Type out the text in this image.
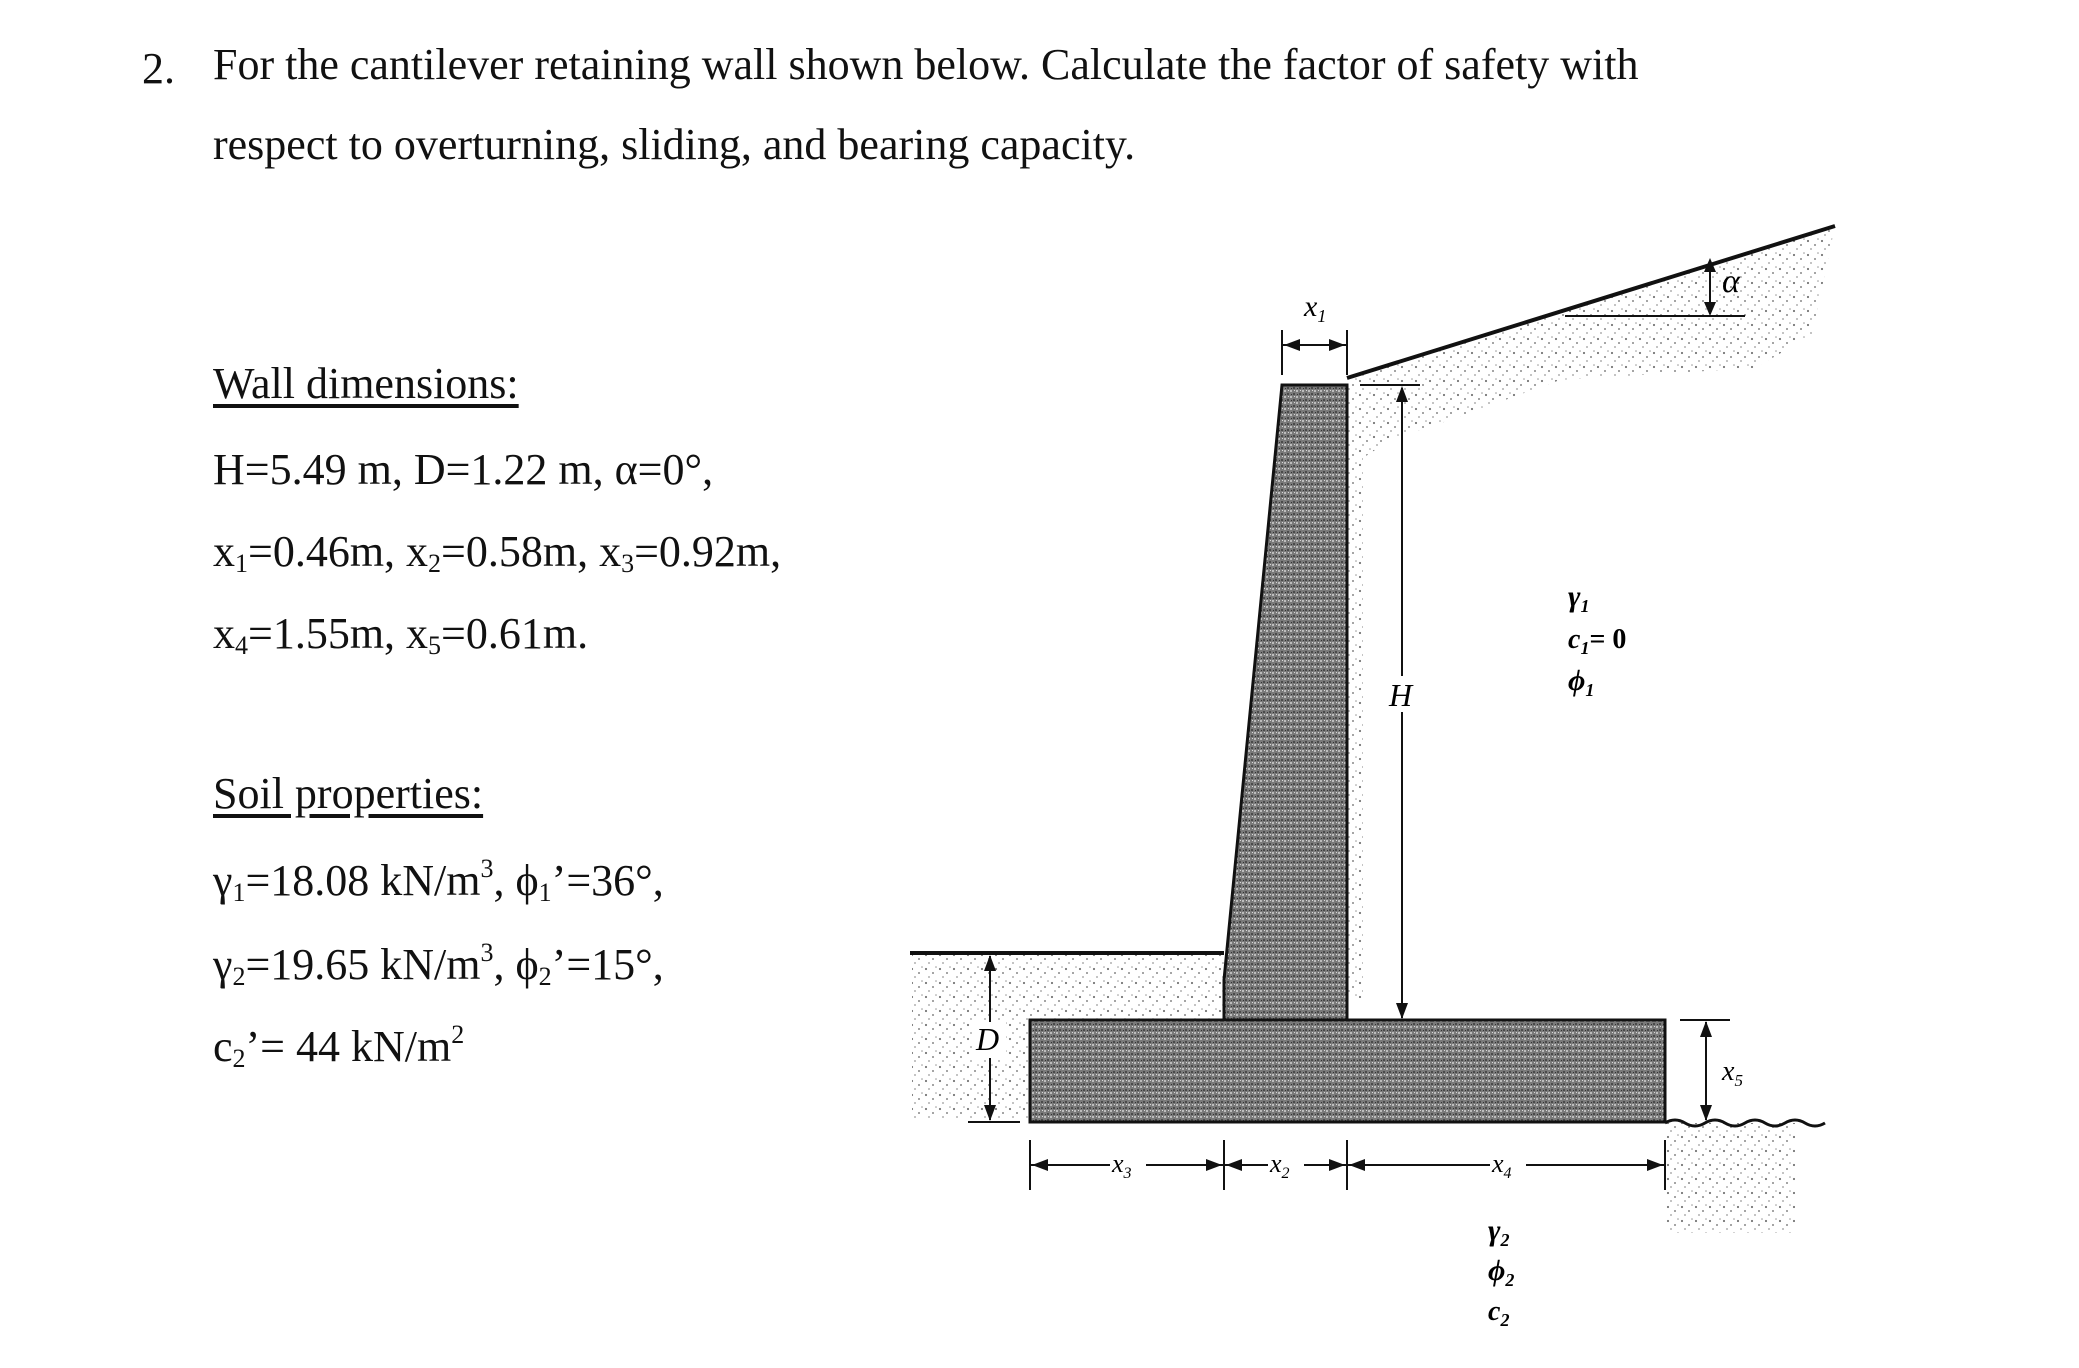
2. For the cantilever retaining wall shown below. Calculate the factor of safety with
respect to overturning, sliding, and bearing capacity.
Wall dimensions:
H=5.49 m, D=1.22 m, α=0°,
$x_1=0.46m$, $x_2=0.58m$, $x_3=0.92m$,
$x_4=1.55m$, $x_5=0.61m$.
Soil properties:
$\gamma_1=18.08$ $kN/m^3$, $\phi_1’=36^\circ$,
$\gamma_2=19.65$ $kN/m^3$, $\phi_2’=15^\circ$,
$c_2’= 44$ $kN/m^2$
α
$x_1$
H
D
$x_5$
$x_3$	$x_2$	$x_4$
$\gamma_1$
$c_1= 0$
$\phi_1$
$\gamma_2$
$\phi_2$
$c_2$
